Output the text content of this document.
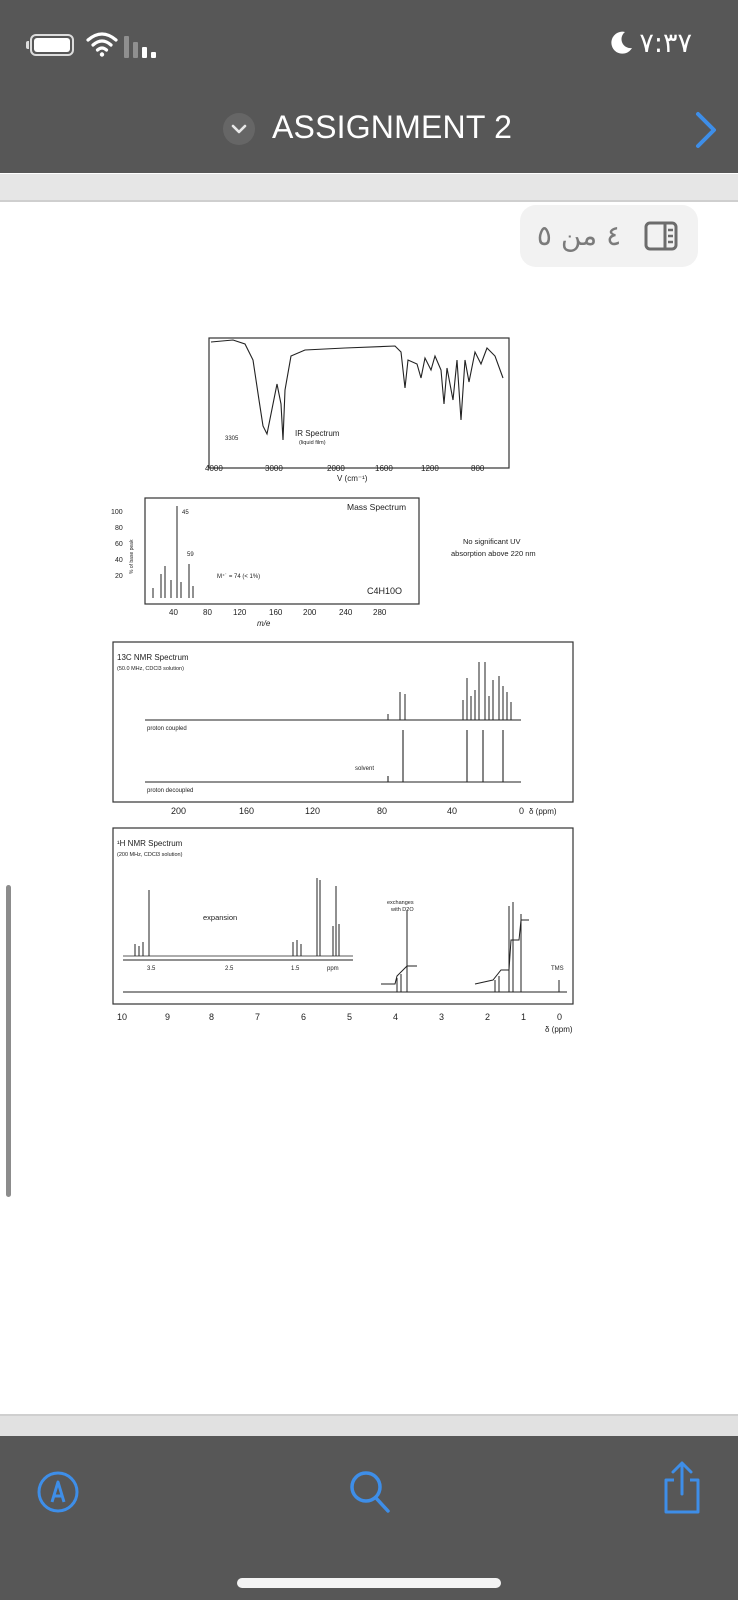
٧:٣٧
ASSIGNMENT 2
٤ من ٥
3305
IR Spectrum
(liquid film)
4000	3000	2000	1600	1200	800
V (cm⁻¹)
100
80
60
40
20
% of base peak
45
59
M⁺˙ = 74 (< 1%)
Mass Spectrum
C4H10O
40	80	120	160	200	240	280
m/e
No significant UV
absorption above 220 nm
13C NMR Spectrum
(50.0 MHz, CDCl3 solution)
proton coupled
proton decoupled
solvent
200	160	120	80	40	0 δ (ppm)
¹H NMR Spectrum
(200 MHz, CDCl3 solution)
expansion
3.5	2.5	1.5	ppm
exchanges
with D2O
TMS
10	9	8	7	6	5	4	3	2	1	0
δ (ppm)
